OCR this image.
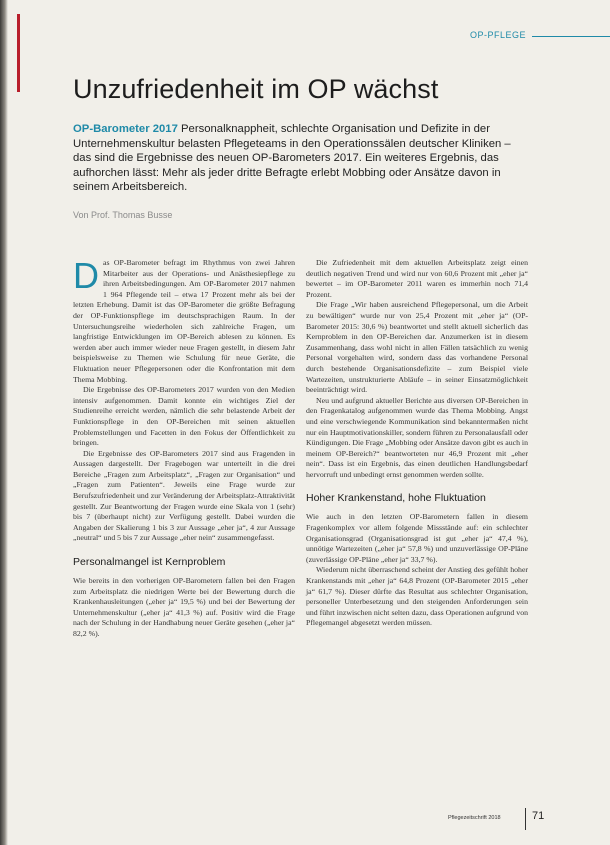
OP-PFLEGE
Unzufriedenheit im OP wächst

OP-Barometer 2017 Personalknappheit, schlechte Organisation und Defizite in der Unternehmenskultur belasten Pflegeteams in den Operationssälen deutscher Kliniken – das sind die Ergebnisse des neuen OP-Barometers 2017. Ein weiteres Ergebnis, das aufhorchen lässt: Mehr als jeder dritte Befragte erlebt Mobbing oder Ansätze davon in seinem Arbeitsbereich.

Von Prof. Thomas Busse

Das OP-Barometer befragt im Rhythmus von zwei Jahren Mitarbeiter aus der Operations- und Anästhesiepflege zu ihren Arbeitsbedingungen. Am OP-Barometer 2017 nahmen 1 964 Pflegende teil – etwa 17 Prozent mehr als bei der letzten Erhebung. Damit ist das OP-Barometer die größte Befragung der OP-Funktionspflege im deutschsprachigen Raum. In der Untersuchungsreihe wiederholen sich zahlreiche Fragen, um langfristige Entwicklungen im OP-Bereich ablesen zu können. Es werden aber auch immer wieder neue Fragen gestellt, in diesem Jahr beispielsweise zu Themen wie Schulung für neue Geräte, die Fluktuation neuer Pflegepersonen oder die Konfrontation mit dem Thema Mobbing.

Die Ergebnisse des OP-Barometers 2017 wurden von den Medien intensiv aufgenommen. Damit konnte ein wichtiges Ziel der Studienreihe erreicht werden, nämlich die sehr belastende Arbeit der Funktionspflege in den OP-Bereichen mit seinen aktuellen Problemstellungen und Facetten in den Fokus der Öffentlichkeit zu bringen.

Die Ergebnisse des OP-Barometers 2017 sind aus Fragenden in Aussagen dargestellt. Der Fragebogen war unterteilt in die drei Bereiche „Fragen zum Arbeitsplatz“, „Fragen zur Organisation“ und „Fragen zum Patienten“. Jeweils eine Frage wurde zur Berufszufriedenheit und zur Veränderung der Arbeitsplatz-Attraktivität gestellt. Zur Beantwortung der Fragen wurde eine Skala von 1 (sehr) bis 7 (überhaupt nicht) zur Verfügung gestellt. Dabei wurden die Angaben der Skalierung 1 bis 3 zur Aussage „eher ja“, 4 zur Aussage „neutral“ und 5 bis 7 zur Aussage „eher nein“ zusammengefasst.

Personalmangel ist Kernproblem

Wie bereits in den vorherigen OP-Barometern fallen bei den Fragen zum Arbeitsplatz die niedrigen Werte bei der Bewertung durch die Krankenhausleitungen („eher ja“ 19,5 %) und bei der Bewertung der Unternehmenskultur („eher ja“ 41,3 %) auf. Positiv wird die Frage nach der Schulung in der Handhabung neuer Geräte gesehen („eher ja“ 82,2 %).

Die Zufriedenheit mit dem aktuellen Arbeitsplatz zeigt einen deutlich negativen Trend und wird nur von 60,6 Prozent mit „eher ja“ bewertet – im OP-Barometer 2011 waren es immerhin noch 71,4 Prozent.

Die Frage „Wir haben ausreichend Pflegepersonal, um die Arbeit zu bewältigen“ wurde nur von 25,4 Prozent mit „eher ja“ (OP-Barometer 2015: 30,6 %) beantwortet und stellt aktuell sicherlich das Kernproblem in den OP-Bereichen dar. Anzumerken ist in diesem Zusammenhang, dass wohl nicht in allen Fällen tatsächlich zu wenig Personal vorgehalten wird, sondern dass das vorhandene Personal durch bestehende Organisationsdefizite – zum Beispiel viele Wartezeiten, unstrukturierte Abläufe – in seiner Einsatzmöglichkeit beeinträchtigt wird.

Neu und aufgrund aktueller Berichte aus diversen OP-Bereichen in den Fragenkatalog aufgenommen wurde das Thema Mobbing. Angst und eine verschwiegende Kommunikation sind bekanntermaßen nicht nur ein Hauptmotivationskiller, sondern führen zu Personalausfall oder Kündigungen. Die Frage „Mobbing oder Ansätze davon gibt es auch in meinem OP-Bereich?“ beantworteten nur 46,9 Prozent mit „eher nein“. Dass ist ein Ergebnis, das einen deutlichen Handlungsbedarf hervorruft und unbedingt ernst genommen werden sollte.

Hoher Krankenstand, hohe Fluktuation

Wie auch in den letzten OP-Barometern fallen in diesem Fragenkomplex vor allem folgende Missstände auf: ein schlechter Organisationsgrad (Organisationsgrad ist gut „eher ja“ 47,4 %), unnötige Wartezeiten („eher ja“ 57,8 %) und unzuverlässige OP-Pläne (zuverlässige OP-Pläne „eher ja“ 33,7 %).

Wiederum nicht überraschend scheint der Anstieg des gefühlt hoher Krankenstands mit „eher ja“ 64,8 Prozent (OP-Barometer 2015 „eher ja“ 61,7 %). Dieser dürfte das Resultat aus schlechter Organisation, personeller Unterbesetzung und den steigenden Anforderungen sein und führt inzwischen nicht selten dazu, dass Operationen aufgrund von Pflegemangel abgesetzt werden müssen.

Pflegezeitschrift 2018	71
